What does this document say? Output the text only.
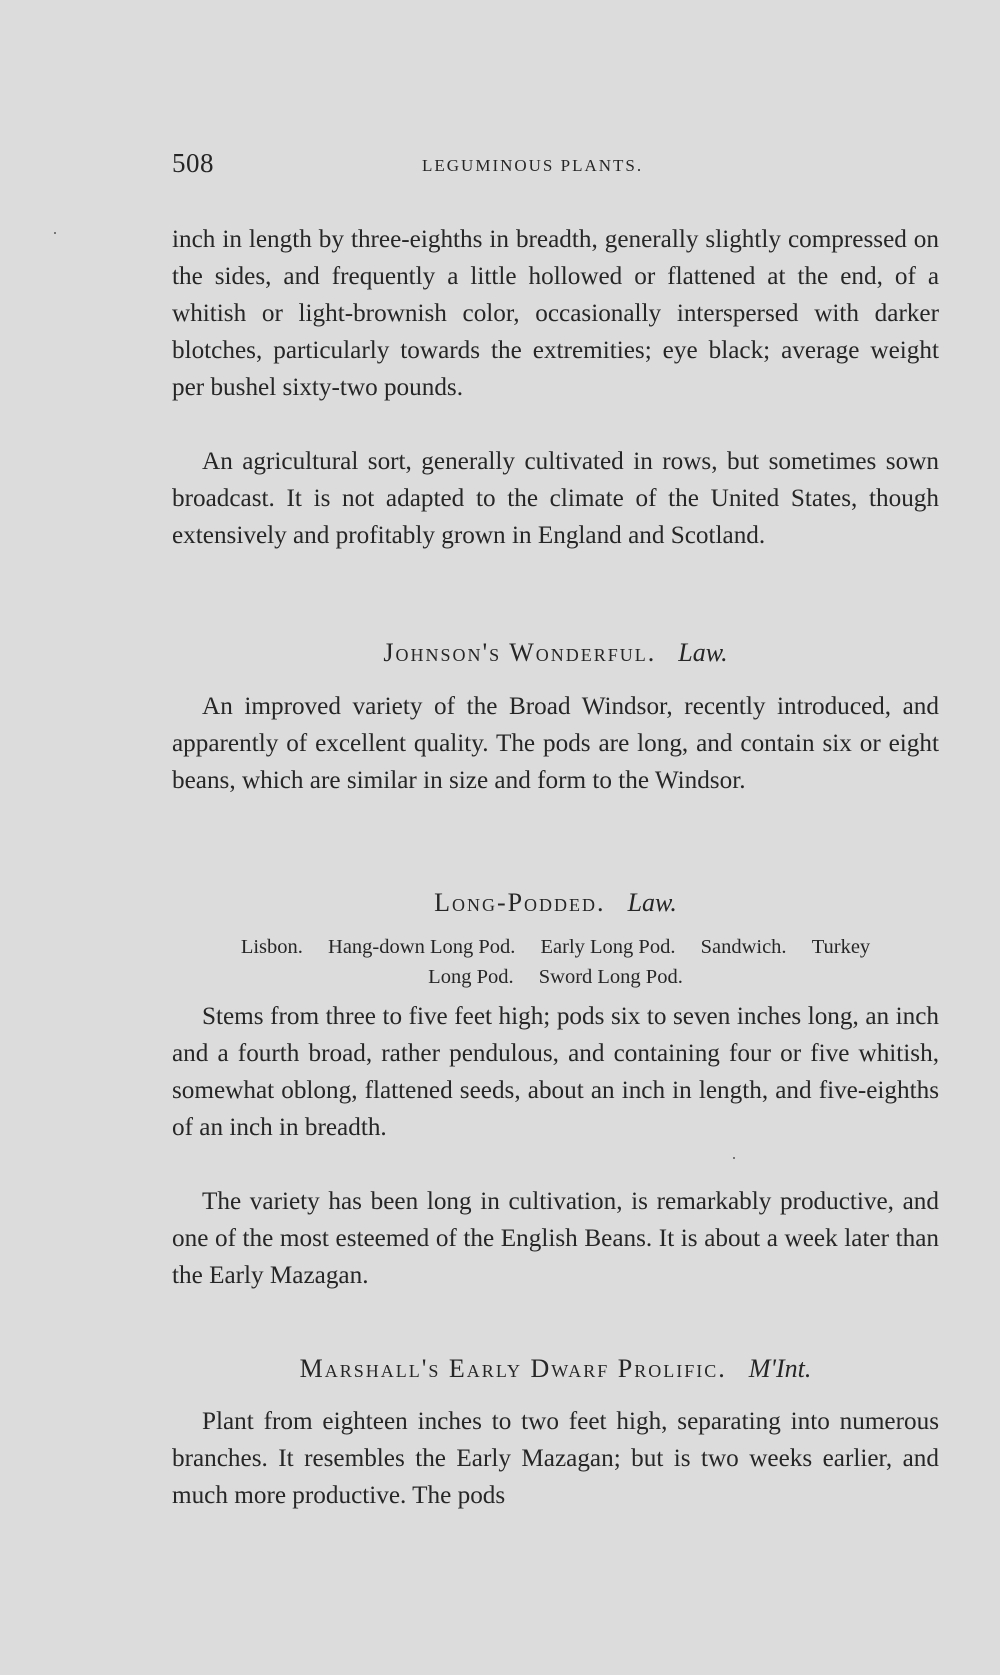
508	LEGUMINOUS PLANTS.

inch in length by three-eighths in breadth, generally slightly compressed on the sides, and frequently a little hollowed or flattened at the end, of a whitish or light-brownish color, occasionally interspersed with darker blotches, particularly towards the extremities; eye black; average weight per bushel sixty-two pounds.

An agricultural sort, generally cultivated in rows, but sometimes sown broadcast. It is not adapted to the climate of the United States, though extensively and profitably grown in England and Scotland.

Johnson's Wonderful. Law.

An improved variety of the Broad Windsor, recently introduced, and apparently of excellent quality. The pods are long, and contain six or eight beans, which are similar in size and form to the Windsor.

Long-Podded. Law.
Lisbon. Hang-down Long Pod. Early Long Pod. Sandwich. Turkey
Long Pod. Sword Long Pod.

Stems from three to five feet high; pods six to seven inches long, an inch and a fourth broad, rather pendulous, and containing four or five whitish, somewhat oblong, flattened seeds, about an inch in length, and five-eighths of an inch in breadth.

The variety has been long in cultivation, is remarkably productive, and one of the most esteemed of the English Beans. It is about a week later than the Early Mazagan.

Marshall's Early Dwarf Prolific. M'Int.

Plant from eighteen inches to two feet high, separating into numerous branches. It resembles the Early Mazagan; but is two weeks earlier, and much more productive. The pods
